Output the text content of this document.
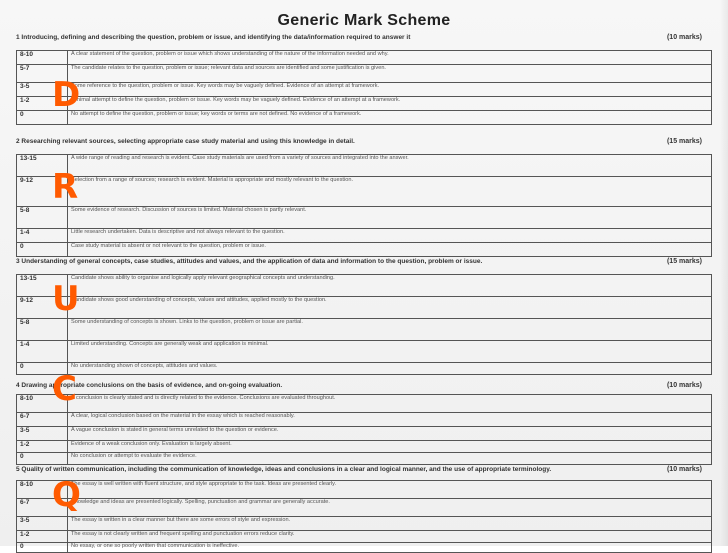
Generic Mark Scheme
1 Introducing, defining and describing the question, problem or issue, and identifying the data/information required to answer it	(10 marks)
8-10	A clear statement of the question, problem or issue which shows understanding of the nature of the information needed and why.
5-7	The candidate relates to the question, problem or issue; relevant data and sources are identified and some justification is given.
3-5	Some reference to the question, problem or issue. Key words may be vaguely defined. Evidence of an attempt at framework.
1-2	Minimal attempt to define the question, problem or issue. Key words may be vaguely defined. Evidence of an attempt at a framework.
0	No attempt to define the question, problem or issue; key words or terms are not defined. No evidence of a framework.
2 Researching relevant sources, selecting appropriate case study material and using this knowledge in detail.	(15 marks)
13-15	A wide range of reading and research is evident. Case study materials are used from a variety of sources and integrated into the answer.
9-12	Selection from a range of sources; research is evident. Material is appropriate and mostly relevant to the question.
5-8	Some evidence of research. Discussion of sources is limited. Material chosen is partly relevant.
1-4	Little research undertaken. Data is descriptive and not always relevant to the question.
0	Case study material is absent or not relevant to the question, problem or issue.
3 Understanding of general concepts, case studies, attitudes and values, and the application of data and information to the question, problem or issue.	(15 marks)
13-15	Candidate shows ability to organise and logically apply relevant geographical concepts and understanding.
9-12	Candidate shows good understanding of concepts, values and attitudes, applied mostly to the question.
5-8	Some understanding of concepts is shown. Links to the question, problem or issue are partial.
1-4	Limited understanding. Concepts are generally weak and application is minimal.
0	No understanding shown of concepts, attitudes and values.
4 Drawing appropriate conclusions on the basis of evidence, and on-going evaluation.	(10 marks)
8-10	A conclusion is clearly stated and is directly related to the evidence. Conclusions are evaluated throughout.
6-7	A clear, logical conclusion based on the material in the essay which is reached reasonably.
3-5	A vague conclusion is stated in general terms unrelated to the question or evidence.
1-2	Evidence of a weak conclusion only. Evaluation is largely absent.
0	No conclusion or attempt to evaluate the evidence.
5 Quality of written communication, including the communication of knowledge, ideas and conclusions in a clear and logical manner, and the use of appropriate terminology.	(10 marks)
8-10	The essay is well written with fluent structure, and style appropriate to the task. Ideas are presented clearly.
6-7	Knowledge and ideas are presented logically. Spelling, punctuation and grammar are generally accurate.
3-5	The essay is written in a clear manner but there are some errors of style and expression.
1-2	The essay is not clearly written and frequent spelling and punctuation errors reduce clarity.
0	No essay, or one so poorly written that communication is ineffective.
D
R
U
C
Q
